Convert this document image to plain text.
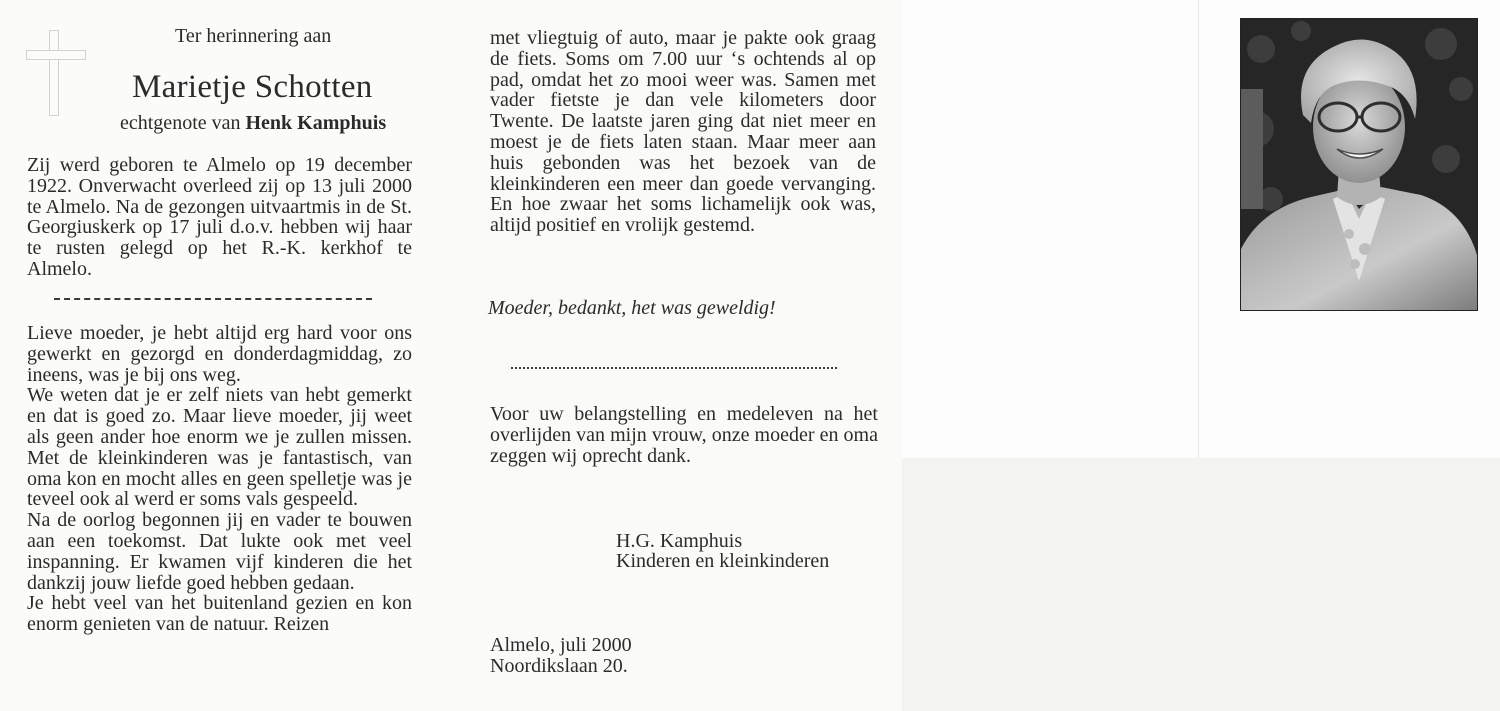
Ter herinnering aan
Marietje Schotten
echtgenote van Henk Kamphuis

Zij werd geboren te Almelo op 19 december 1922. Onverwacht overleed zij op 13 juli 2000 te Almelo. Na de gezongen uitvaartmis in de St. Georgiuskerk op 17 juli d.o.v. hebben wij haar te rusten gelegd op het R.-K. kerkhof te Almelo.

Lieve moeder, je hebt altijd erg hard voor ons gewerkt en gezorgd en donderdagmiddag, zo ineens, was je bij ons weg.

We weten dat je er zelf niets van hebt gemerkt en dat is goed zo. Maar lieve moeder, jij weet als geen ander hoe enorm we je zullen missen. Met de kleinkinderen was je fantastisch, van oma kon en mocht alles en geen spelletje was je teveel ook al werd er soms vals gespeeld.

Na de oorlog begonnen jij en vader te bouwen aan een toekomst. Dat lukte ook met veel inspanning. Er kwamen vijf kinderen die het dankzij jouw liefde goed hebben gedaan.

Je hebt veel van het buitenland gezien en kon enorm genieten van de natuur. Reizen

met vliegtuig of auto, maar je pakte ook graag de fiets. Soms om 7.00 uur ‘s ochtends al op pad, omdat het zo mooi weer was. Samen met vader fietste je dan vele kilometers door Twente. De laatste jaren ging dat niet meer en moest je de fiets laten staan. Maar meer aan huis gebonden was het bezoek van de kleinkinderen een meer dan goede vervanging. En hoe zwaar het soms lichamelijk ook was, altijd positief en vrolijk gestemd.

Moeder, bedankt, het was geweldig!

Voor uw belangstelling en medeleven na het overlijden van mijn vrouw, onze moeder en oma zeggen wij oprecht dank.

H.G. Kamphuis
Kinderen en kleinkinderen
Almelo, juli 2000
Noordikslaan 20.
